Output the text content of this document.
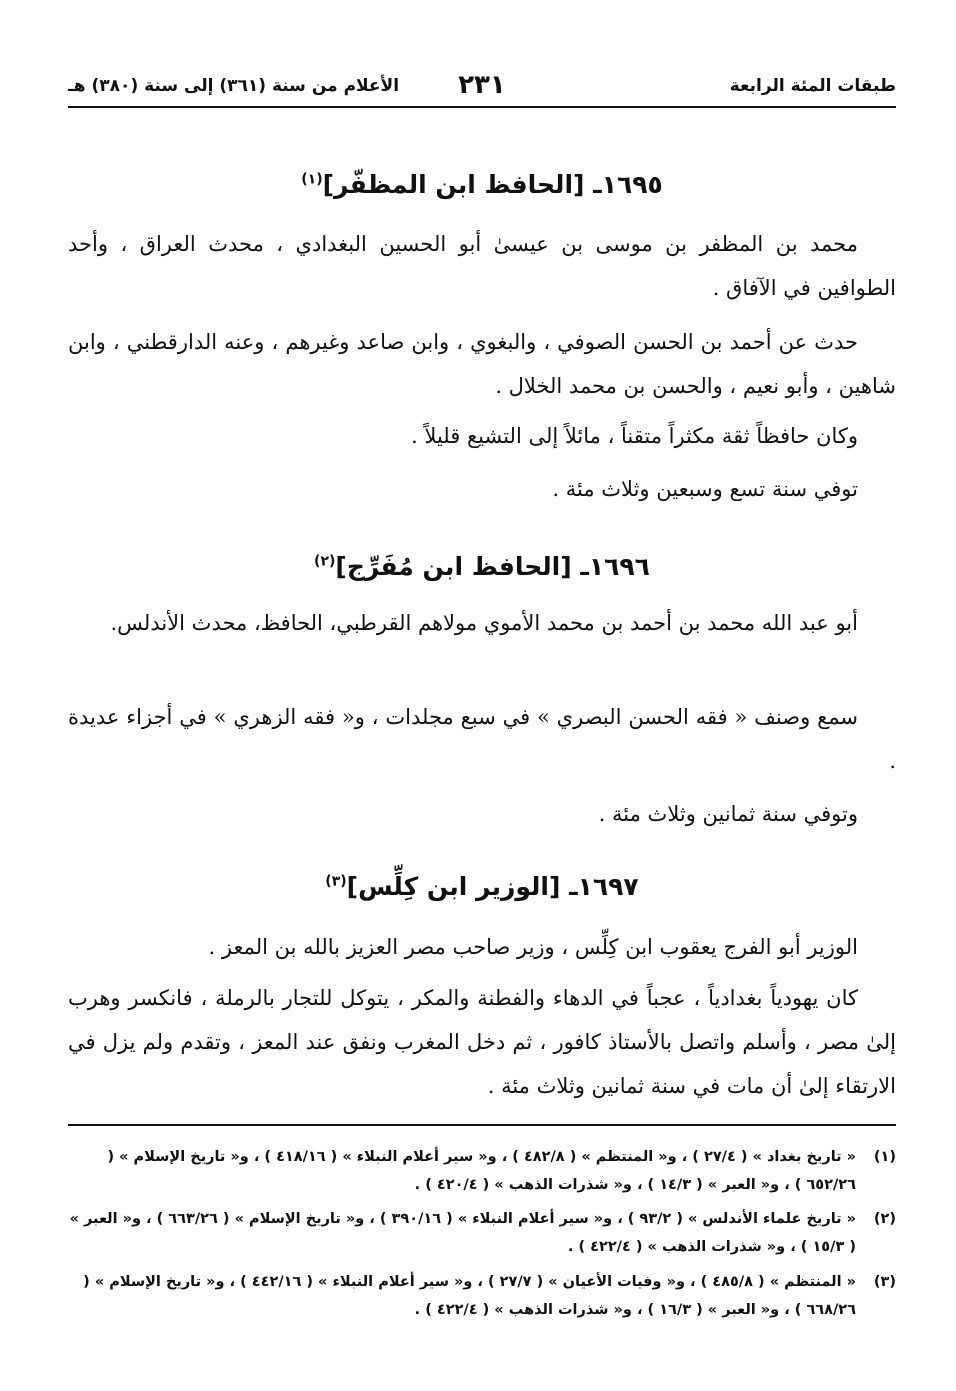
طبقات المئة الرابعة
٢٣١
الأعلام من سنة (٣٦١) إلى سنة (٣٨٠) هـ
١٦٩٥ـ [الحافظ ابن المظفّر]$^{(١)}$
محمد بن المظفر بن موسى بن عيسىٰ أبو الحسين البغدادي ، محدث العراق ، وأحد الطوافين في الآفاق .
حدث عن أحمد بن الحسن الصوفي ، والبغوي ، وابن صاعد وغيرهم ، وعنه الدارقطني ، وابن شاهين ، وأبو نعيم ، والحسن بن محمد الخلال .
وكان حافظاً ثقة مكثراً متقناً ، مائلاً إلى التشيع قليلاً .
توفي سنة تسع وسبعين وثلاث مئة .
١٦٩٦ـ [الحافظ ابن مُفَرِّج]$^{(٢)}$
أبو عبد الله محمد بن أحمد بن محمد الأموي مولاهم القرطبي، الحافظ، محدث الأندلس.
سمع وصنف « فقه الحسن البصري » في سبع مجلدات ، و« فقه الزهري » في أجزاء عديدة .
وتوفي سنة ثمانين وثلاث مئة .
١٦٩٧ـ [الوزير ابن كِلِّس]$^{(٣)}$
الوزير أبو الفرج يعقوب ابن كِلِّس ، وزير صاحب مصر العزيز بالله بن المعز .
كان يهودياً بغدادياً ، عجباً في الدهاء والفطنة والمكر ، يتوكل للتجار بالرملة ، فانكسر وهرب إلىٰ مصر ، وأسلم واتصل بالأستاذ كافور ، ثم دخل المغرب ونفق عند المعز ، وتقدم ولم يزل في الارتقاء إلىٰ أن مات في سنة ثمانين وثلاث مئة .
(١)
« تاريخ بغداد » ( ٢٧/٤ ) ، و« المنتظم » ( ٤٨٢/٨ ) ، و« سير أعلام النبلاء » ( ٤١٨/١٦ ) ، و« تاريخ الإسلام » ( ٦٥٢/٢٦ ) ، و« العبر » ( ١٤/٣ ) ، و« شذرات الذهب » ( ٤٢٠/٤ ) .
(٢)
« تاريخ علماء الأندلس » ( ٩٣/٢ ) ، و« سير أعلام النبلاء » ( ٣٩٠/١٦ ) ، و« تاريخ الإسلام » ( ٦٦٣/٢٦ ) ، و« العبر » ( ١٥/٣ ) ، و« شذرات الذهب » ( ٤٢٢/٤ ) .
(٣)
« المنتظم » ( ٤٨٥/٨ ) ، و« وفيات الأعيان » ( ٢٧/٧ ) ، و« سير أعلام النبلاء » ( ٤٤٢/١٦ ) ، و« تاريخ الإسلام » ( ٦٦٨/٢٦ ) ، و« العبر » ( ١٦/٣ ) ، و« شذرات الذهب » ( ٤٢٢/٤ ) .
